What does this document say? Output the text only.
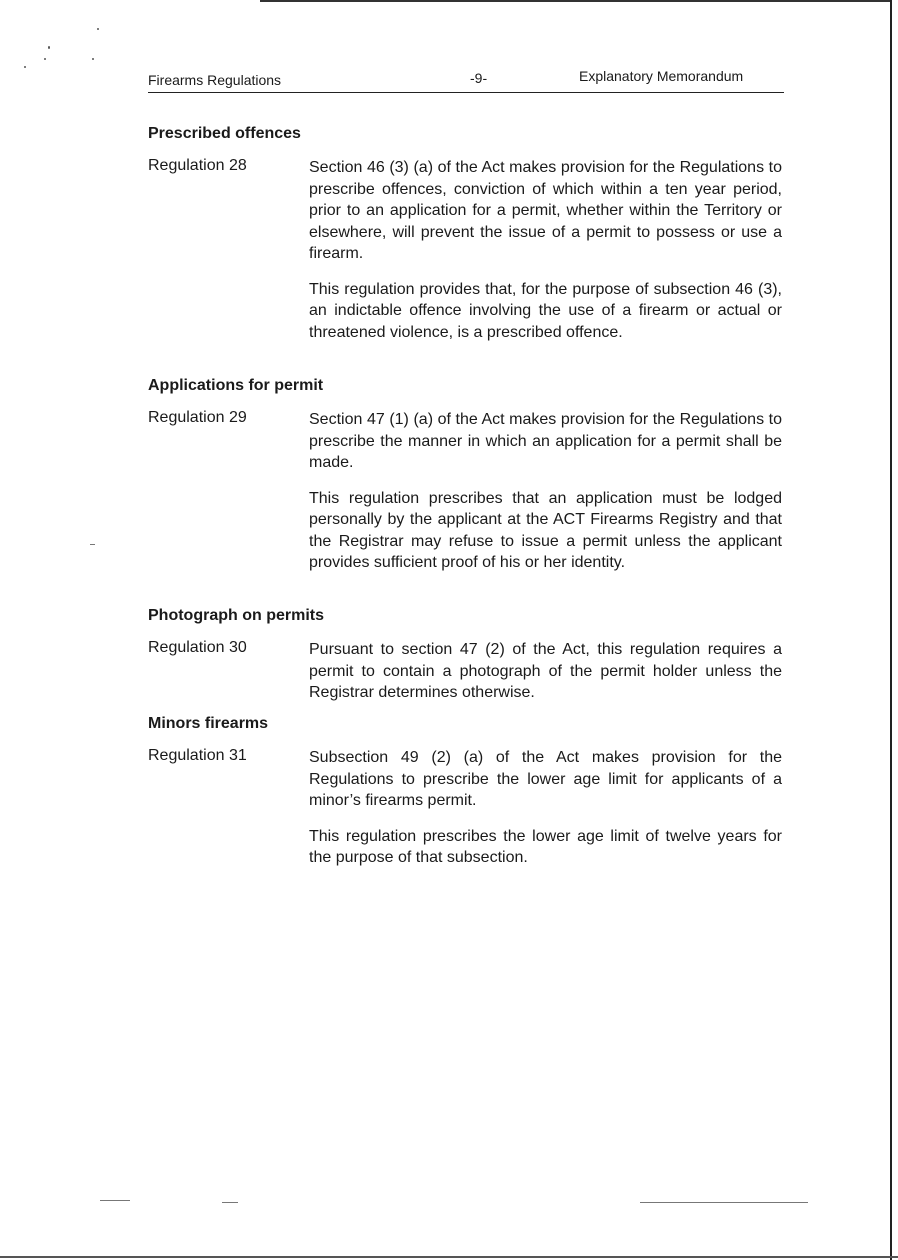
Firearms Regulations	-9-	Explanatory Memorandum
Prescribed offences
Regulation 28	Section 46 (3) (a) of the Act makes provision for the Regulations to prescribe offences, conviction of which within a ten year period, prior to an application for a permit, whether within the Territory or elsewhere, will prevent the issue of a permit to possess or use a firearm.

This regulation provides that, for the purpose of subsection 46 (3), an indictable offence involving the use of a firearm or actual or threatened violence, is a prescribed offence.

Applications for permit
Regulation 29	Section 47 (1) (a) of the Act makes provision for the Regulations to prescribe the manner in which an application for a permit shall be made.

This regulation prescribes that an application must be lodged personally by the applicant at the ACT Firearms Registry and that the Registrar may refuse to issue a permit unless the applicant provides sufficient proof of his or her identity.

Photograph on permits
Regulation 30	Pursuant to section 47 (2) of the Act, this regulation requires a permit to contain a photograph of the permit holder unless the Registrar determines otherwise.

Minors firearms
Regulation 31	Subsection 49 (2) (a) of the Act makes provision for the Regulations to prescribe the lower age limit for applicants of a minor’s firearms permit.

This regulation prescribes the lower age limit of twelve years for the purpose of that subsection.
